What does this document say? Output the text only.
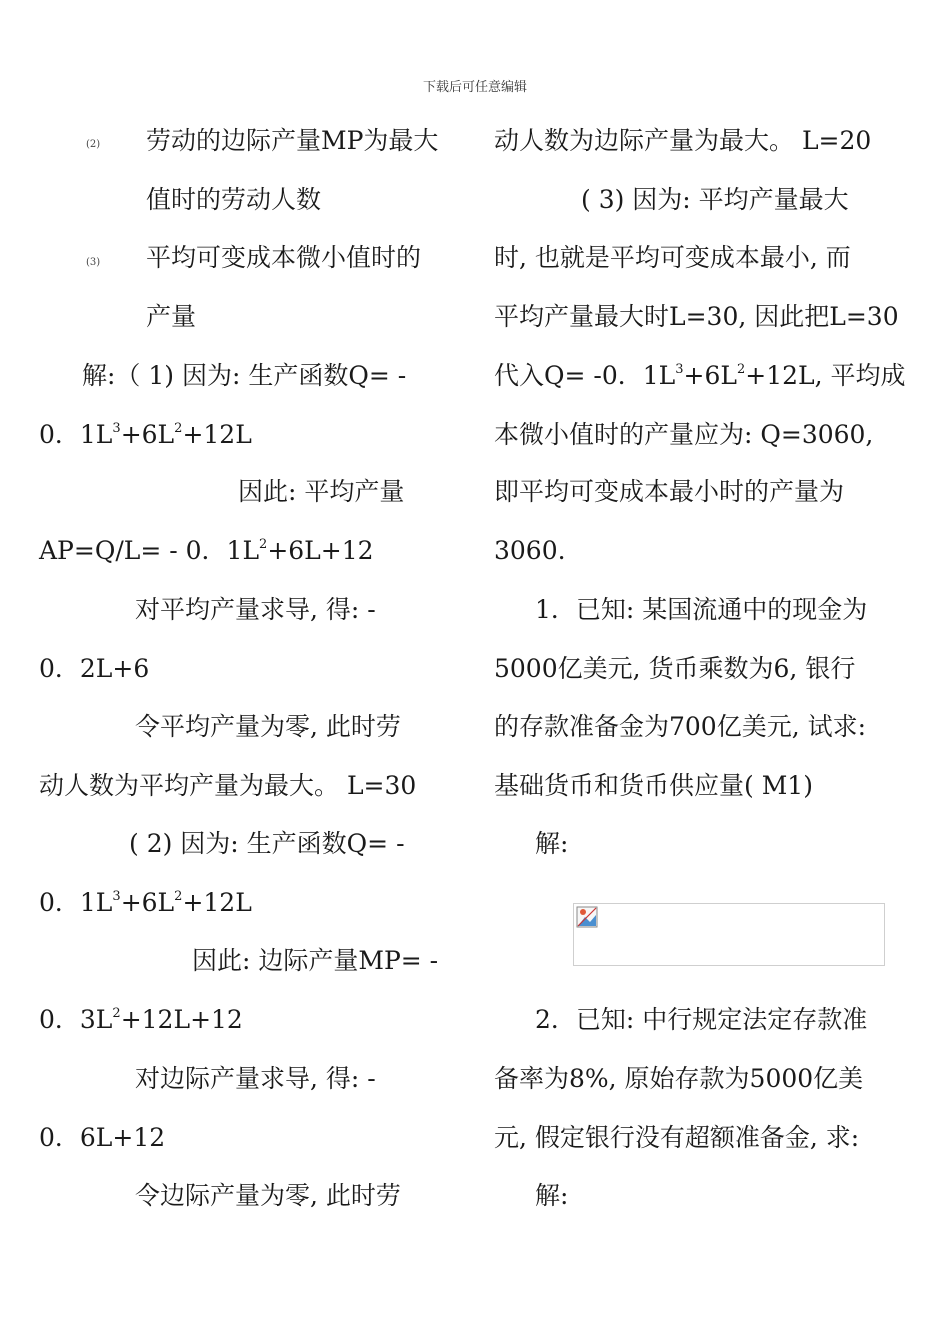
下载后可任意编辑
(2) 劳动的边际产量MP为最大
值时的劳动人数
(3) 平均可变成本微小值时的
产量
解:（ 1) 因为: 生产函数Q= -
0．$1L^3+6L^2+12L$
因此: 平均产量
AP=Q/L= - 0．$1L^2+6L+12$
对平均产量求导, 得: -
0．2L+6
令平均产量为零, 此时劳
动人数为平均产量为最大。 L=30
( 2) 因为: 生产函数Q= -
0．$1L^3+6L^2+12L$
因此: 边际产量MP= -
0．$3L^2+12L+12$
对边际产量求导, 得: -
0．6L+12
令边际产量为零, 此时劳
动人数为边际产量为最大。 L=20
( 3) 因为: 平均产量最大
时, 也就是平均可变成本最小, 而
平均产量最大时L=30, 因此把L=30
代入Q= -0．$1L^3+6L^2+12L$, 平均成
本微小值时的产量应为: Q=3060,
即平均可变成本最小时的产量为
3060.
1．已知: 某国流通中的现金为
5000亿美元, 货币乘数为6, 银行
的存款准备金为700亿美元, 试求:
基础货币和货币供应量( M1)
解:
2．已知: 中行规定法定存款准
备率为8%, 原始存款为5000亿美
元, 假定银行没有超额准备金, 求:
解:
